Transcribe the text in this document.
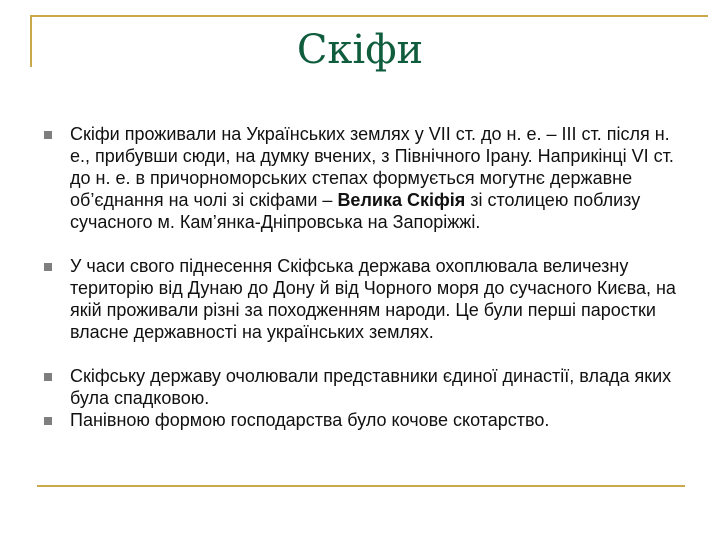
Скіфи
Скіфи проживали на Українських землях у VII ст. до н. е. – III ст. після н. е., прибувши сюди, на думку вчених, з Північного Ірану. Наприкінці VI ст. до н. е. в причорноморських степах формується могутнє державне об’єднання на чолі зі скіфами – Велика Скіфія зі столицею поблизу сучасного м. Кам’янка-Дніпровська на Запоріжжі.
У часи свого піднесення Скіфська держава охоплювала величезну територію від Дунаю до Дону й від Чорного моря до сучасного Києва, на якій проживали різні за походженням народи. Це були перші паростки власне державності на українських землях.
Скіфську державу очолювали представники єдиної династії, влада яких була спадковою.
Панівною формою господарства було кочове скотарство.
